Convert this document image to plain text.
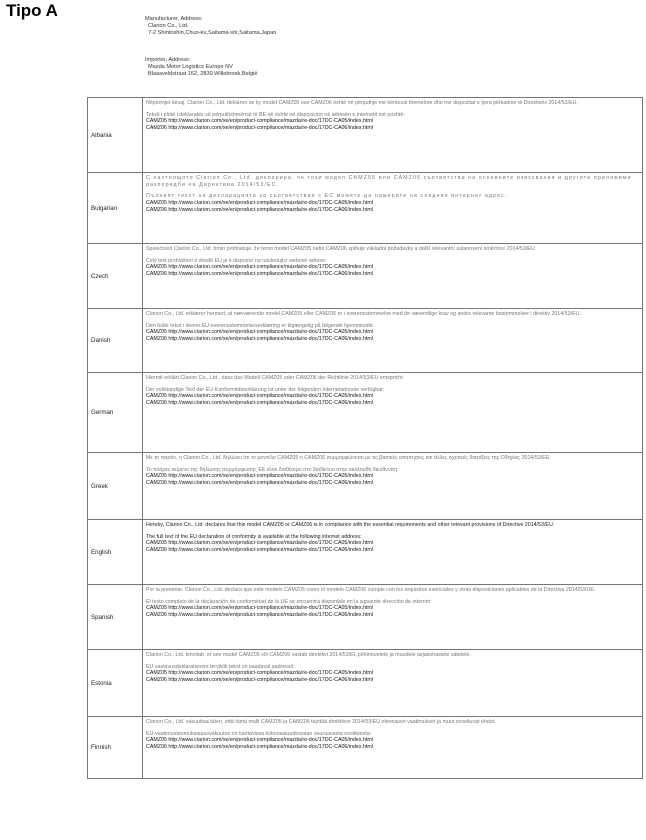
Tipo A	Manufacturer, Address:
Clarion Co., Ltd.
7-2 Shintoshin,Chuo-ku,Saitama-shi,Saitama,Japan
Importer, Address:
Mazda Motor Logistics Europe NV
Blaasveldstraat 162, 2830 Willebroek,België
Albania	Nëpërmjet kësaj, Clarion Co., Ltd. deklaron se ky model CAMZ05 ose CAMZ06 është në përputhje me kërkesat themelore dhe me dispozitat e tjera përkatëse të Direktivës 2014/53/EU.
Teksti i plotë i deklaratës së përputhshmërisë të BE-së është në dispozicion në adresën e internetit më poshtë:
CAMZ05 http://www.clarion.com/xe/en/product-compliance/mazda/re-doc/17DC-CA05/index.html
CAMZ06 http://www.clarion.com/xe/en/product-compliance/mazda/re-doc/17DC-CA06/index.html

Bulgarian	С настоящото Clarion Co., Ltd. декларира, че този модел CAMZ05 или CAMZ06 съответства на основните изисквания и другите приложими разпоредби на Директива 2014/53/ЕС.
Пълният текст на декларацията за съответствие с ЕС можете да намерите на следния интернет адрес:
CAMZ05 http://www.clarion.com/xe/en/product-compliance/mazda/re-doc/17DC-CA05/index.html
CAMZ06 http://www.clarion.com/xe/en/product-compliance/mazda/re-doc/17DC-CA06/index.html

Czech	Společnost Clarion Co., Ltd. tímto prohlašuje, že tento model CAMZ05 nebo CAMZ06 splňuje základní požadavky a další relevantní ustanovení směrnice 2014/53/EU.
Celý text prohlášení o shodě EU je k dispozici na následující webové adrese:
CAMZ05 http://www.clarion.com/xe/en/product-compliance/mazda/re-doc/17DC-CA05/index.html
CAMZ06 http://www.clarion.com/xe/en/product-compliance/mazda/re-doc/17DC-CA06/index.html

Danish	Clarion Co., Ltd. erklærer hermed, at nærværende model CAMZ05 eller CAMZ06 er i overensstemmelse med de væsentlige krav og andre relevante bestemmelser i direktiv 2014/53/EU.
Den fulde tekst i denne EU-overensstemmelseserklæring er tilgængelig på følgende hjemmeside:
CAMZ05 http://www.clarion.com/xe/en/product-compliance/mazda/re-doc/17DC-CA05/index.html
CAMZ06 http://www.clarion.com/xe/en/product-compliance/mazda/re-doc/17DC-CA06/index.html

German	Hiermit erklärt Clarion Co., Ltd., dass das Modell CAMZ05 oder CAMZ06 der Richtlinie 2014/53/EU entspricht.
Der vollständige Text der EU-Konformitätserklärung ist unter der folgenden Internetadresse verfügbar:
CAMZ05 http://www.clarion.com/xe/en/product-compliance/mazda/re-doc/17DC-CA05/index.html
CAMZ06 http://www.clarion.com/xe/en/product-compliance/mazda/re-doc/17DC-CA06/index.html

Greek	Με το παρόν, η Clarion Co., Ltd. δηλώνει ότι το μοντέλο CAMZ05 ή CAMZ06 συμμορφώνεται με τις βασικές απαιτήσεις και άλλες σχετικές διατάξεις της Οδηγίας 2014/53/ΕΕ.
Το πλήρες κείμενο της δήλωσης συμμόρφωσης ΕΕ είναι διαθέσιμο στο διαδίκτυο στην ακόλουθη διεύθυνση:
CAMZ05 http://www.clarion.com/xe/en/product-compliance/mazda/re-doc/17DC-CA05/index.html
CAMZ06 http://www.clarion.com/xe/en/product-compliance/mazda/re-doc/17DC-CA06/index.html

English	Hereby, Clarion Co., Ltd. declares that this model CAMZ05 or CAMZ06 is in compliance with the essential requirements and other relevant provisions of Directive 2014/53/EU.
The full text of the EU declaration of conformity is available at the following internet address:
CAMZ05 http://www.clarion.com/xe/en/product-compliance/mazda/re-doc/17DC-CA05/index.html
CAMZ06 http://www.clarion.com/xe/en/product-compliance/mazda/re-doc/17DC-CA06/index.html

Spanish	Por la presente, Clarion Co., Ltd. declara que este modelo CAMZ05 como el modelo CAMZ06 cumple con los requisitos esenciales y otras disposiciones aplicables de la Directiva 2014/53/UE.
El texto completo de la declaración de conformidad de la UE se encuentra disponible en la siguiente dirección de internet:
CAMZ05 http://www.clarion.com/xe/en/product-compliance/mazda/re-doc/17DC-CA05/index.html
CAMZ06 http://www.clarion.com/xe/en/product-compliance/mazda/re-doc/17DC-CA06/index.html

Estonia	Clarion Co., Ltd. kinnitab, et see mudel CAMZ05 või CAMZ06 vastab direktiivi 2014/53/EL põhinõuetele ja muudele asjakohastele sätetele.
EU vastavusdeklaratsiooni terviklik tekst on saadaval aadressil:
CAMZ05 http://www.clarion.com/xe/en/product-compliance/mazda/re-doc/17DC-CA05/index.html
CAMZ06 http://www.clarion.com/xe/en/product-compliance/mazda/re-doc/17DC-CA06/index.html

Finnish	Clarion Co., Ltd. vakuuttaa täten, että tämä malli CAMZ05 ja CAMZ06 täyttää direktiivin 2014/53/EU olennaiset vaatimukset ja muut soveltuvat ehdot.
EU-vaatimustenmukaisuusvakuutus on luettavissa kokonaisuudessaan seuraavasta osoitteesta:
CAMZ05 http://www.clarion.com/xe/en/product-compliance/mazda/re-doc/17DC-CA05/index.html
CAMZ06 http://www.clarion.com/xe/en/product-compliance/mazda/re-doc/17DC-CA06/index.html
